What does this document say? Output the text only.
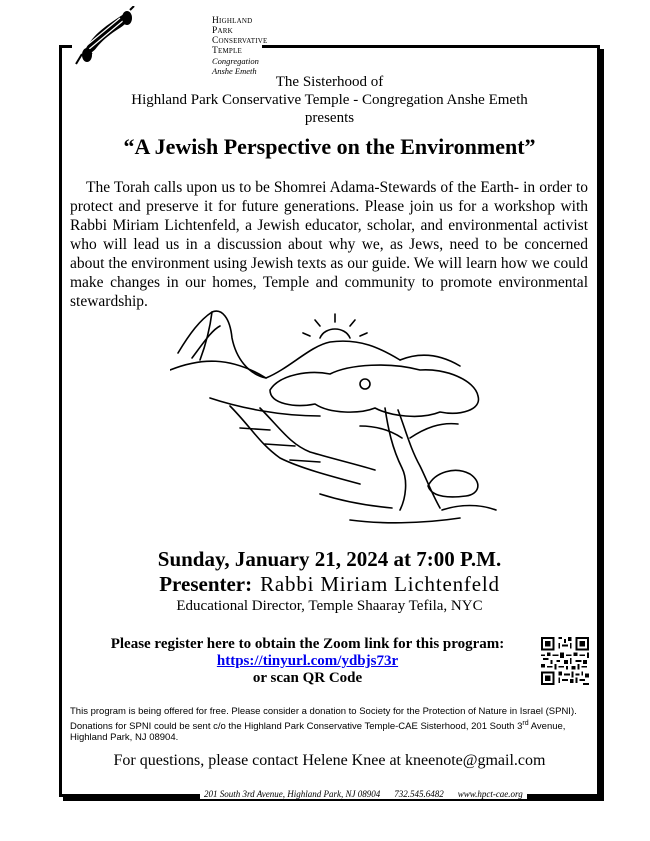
Highland Park
Conservative Temple
Congregation Anshe Emeth
The Sisterhood of
Highland Park Conservative Temple - Congregation Anshe Emeth
presents
“A Jewish Perspective on the Environment”
The Torah calls upon us to be Shomrei Adama-Stewards of the Earth- in order to protect and preserve it for future generations. Please join us for a workshop with Rabbi Miriam Lichtenfeld, a Jewish educator, scholar, and environmental activist who will lead us in a discussion about why we, as Jews, need to be concerned about the environment using Jewish texts as our guide. We will learn how we could make changes in our homes, Temple and community to promote environmental stewardship.
Sunday, January 21, 2024 at 7:00 P.M.
Presenter: Rabbi Miriam Lichtenfeld
Educational Director, Temple Shaaray Tefila, NYC
Please register here to obtain the Zoom link for this program:
https://tinyurl.com/ydbjs73r
or scan QR Code
This program is being offered for free. Please consider a donation to Society for the Protection of Nature in Israel (SPNI). Donations for SPNI could be sent c/o the Highland Park Conservative Temple-CAE Sisterhood, 201 South 3rd Avenue, Highland Park, NJ 08904.
For questions, please contact Helene Knee at kneenote@gmail.com
201 South 3rd Avenue, Highland Park, NJ 08904 732.545.6482 www.hpct-cae.org
